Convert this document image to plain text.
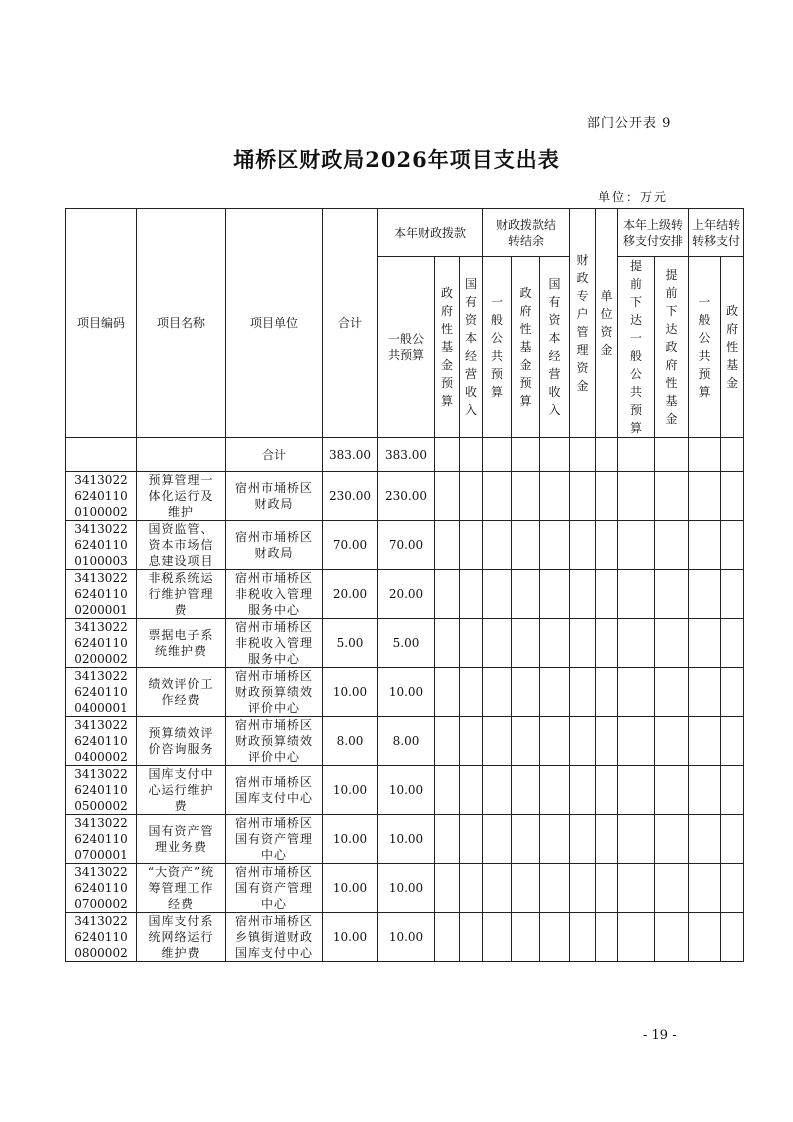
部门公开表 9
埇桥区财政局2026年项目支出表
单位：万元
项目编码	项目名称	项目单位	合计	本年财政拨款			财政拨款结转结余			财政专户管理资金	单位资金	本年上级转移支付安排		上年结转转移支付	
				一般公共预算	政府性基金预算	国有资本经营收入	一般公共预算	政府性基金预算	国有资本经营收入			提前下达一般公共预算	提前下达政府性基金	一般公共预算	政府性基金
		合计	383.00	383.00											
341302262401100100002	预算管理一体化运行及维护	宿州市埇桥区财政局	230.00	230.00											
341302262401100100003	国资监管、资本市场信息建设项目	宿州市埇桥区财政局	70.00	70.00											
341302262401100200001	非税系统运行维护管理费	宿州市埇桥区非税收入管理服务中心	20.00	20.00											
341302262401100200002	票据电子系统维护费	宿州市埇桥区非税收入管理服务中心	5.00	5.00											
341302262401100400001	绩效评价工作经费	宿州市埇桥区财政预算绩效评价中心	10.00	10.00											
341302262401100400002	预算绩效评价咨询服务	宿州市埇桥区财政预算绩效评价中心	8.00	8.00											
341302262401100500002	国库支付中心运行维护费	宿州市埇桥区国库支付中心	10.00	10.00											
341302262401100700001	国有资产管理业务费	宿州市埇桥区国有资产管理中心	10.00	10.00											
341302262401100700002	“大资产”统筹管理工作经费	宿州市埇桥区国有资产管理中心	10.00	10.00											
341302262401100800002	国库支付系统网络运行维护费	宿州市埇桥区乡镇街道财政国库支付中心	10.00	10.00											
- 19 -
